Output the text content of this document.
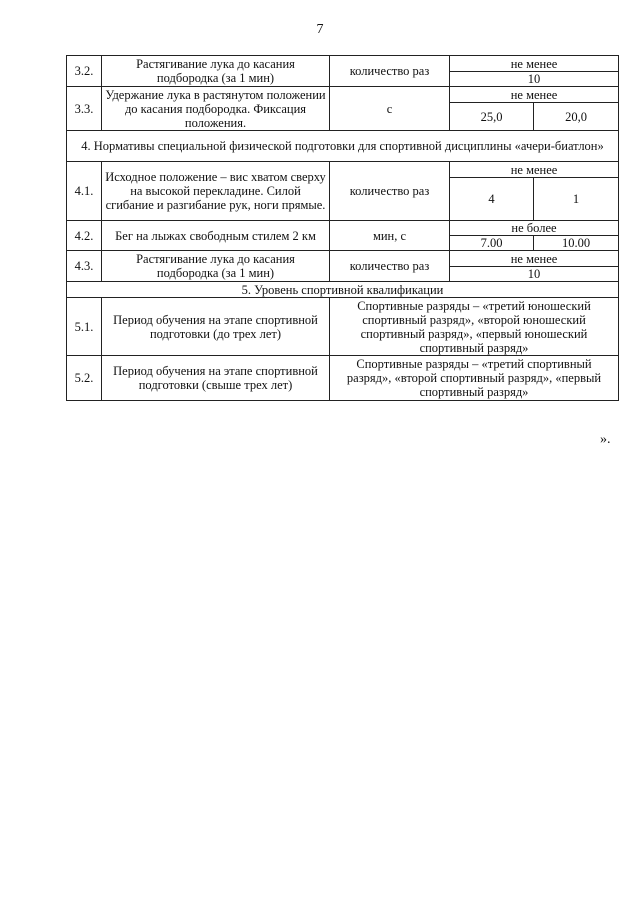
7
3.2.	Растягивание лука до касания подбородка (за 1 мин)	количество раз	не менее	
			10	
3.3.	Удержание лука в растянутом положении до касания подбородка. Фиксация положения.	с	не менее	
			25,0	20,0
4. Нормативы специальной физической подготовки для спортивной дисциплины «ачери-биатлон»				
4.1.	Исходное положение – вис хватом сверху на высокой перекладине. Силой сгибание и разгибание рук, ноги прямые.	количество раз	не менее	
			4	1
4.2.	Бег на лыжах свободным стилем 2 км	мин, с	не более	
			7.00	10.00
4.3.	Растягивание лука до касания подбородка (за 1 мин)	количество раз	не менее	
			10	
5. Уровень спортивной квалификации				
5.1.	Период обучения на этапе спортивной подготовки (до трех лет)	Спортивные разряды – «третий юношеский спортивный разряд», «второй юношеский спортивный разряд», «первый юношеский спортивный разряд»		
5.2.	Период обучения на этапе спортивной подготовки (свыше трех лет)	Спортивные разряды – «третий спортивный разряд», «второй спортивный разряд», «первый спортивный разряд»		
».
